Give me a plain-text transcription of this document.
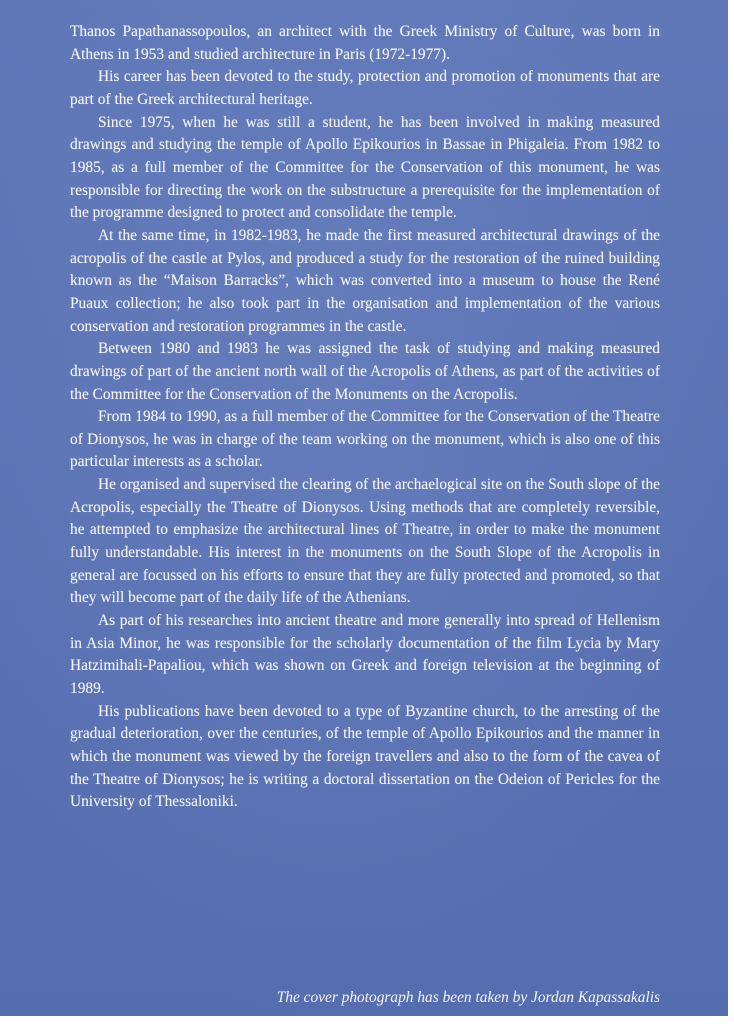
Thanos Papathanassopoulos, an architect with the Greek Ministry of Culture, was born in Athens in 1953 and studied architecture in Paris (1972-1977).

His career has been devoted to the study, protection and promotion of monuments that are part of the Greek architectural heritage.

Since 1975, when he was still a student, he has been involved in making measured drawings and studying the temple of Apollo Epikourios in Bassae in Phigaleia. From 1982 to 1985, as a full member of the Committee for the Conservation of this monument, he was responsible for directing the work on the substructure a prerequisite for the implementation of the programme designed to protect and consolidate the temple.

At the same time, in 1982-1983, he made the first measured architectural drawings of the acropolis of the castle at Pylos, and produced a study for the restoration of the ruined building known as the “Maison Barracks”, which was converted into a museum to house the René Puaux collection; he also took part in the organisation and implementation of the various conservation and restoration programmes in the castle.

Between 1980 and 1983 he was assigned the task of studying and making measured drawings of part of the ancient north wall of the Acropolis of Athens, as part of the activities of the Committee for the Conservation of the Monuments on the Acropolis.

From 1984 to 1990, as a full member of the Committee for the Conservation of the Theatre of Dionysos, he was in charge of the team working on the monument, which is also one of this particular interests as a scholar.

He organised and supervised the clearing of the archaelogical site on the South slope of the Acropolis, especially the Theatre of Dionysos. Using methods that are completely reversible, he attempted to emphasize the architectural lines of Theatre, in order to make the monument fully understandable. His interest in the monuments on the South Slope of the Acropolis in general are focussed on his efforts to ensure that they are fully protected and promoted, so that they will become part of the daily life of the Athenians.

As part of his researches into ancient theatre and more generally into spread of Hellenism in Asia Minor, he was responsible for the scholarly documentation of the film Lycia by Mary Hatzimihali-Papaliou, which was shown on Greek and foreign television at the beginning of 1989.

His publications have been devoted to a type of Byzantine church, to the arresting of the gradual deterioration, over the centuries, of the temple of Apollo Epikourios and the manner in which the monument was viewed by the foreign travellers and also to the form of the cavea of the Theatre of Dionysos; he is writing a doctoral dissertation on the Odeion of Pericles for the University of Thessaloniki.

The cover photograph has been taken by Jordan Kapassakalis
